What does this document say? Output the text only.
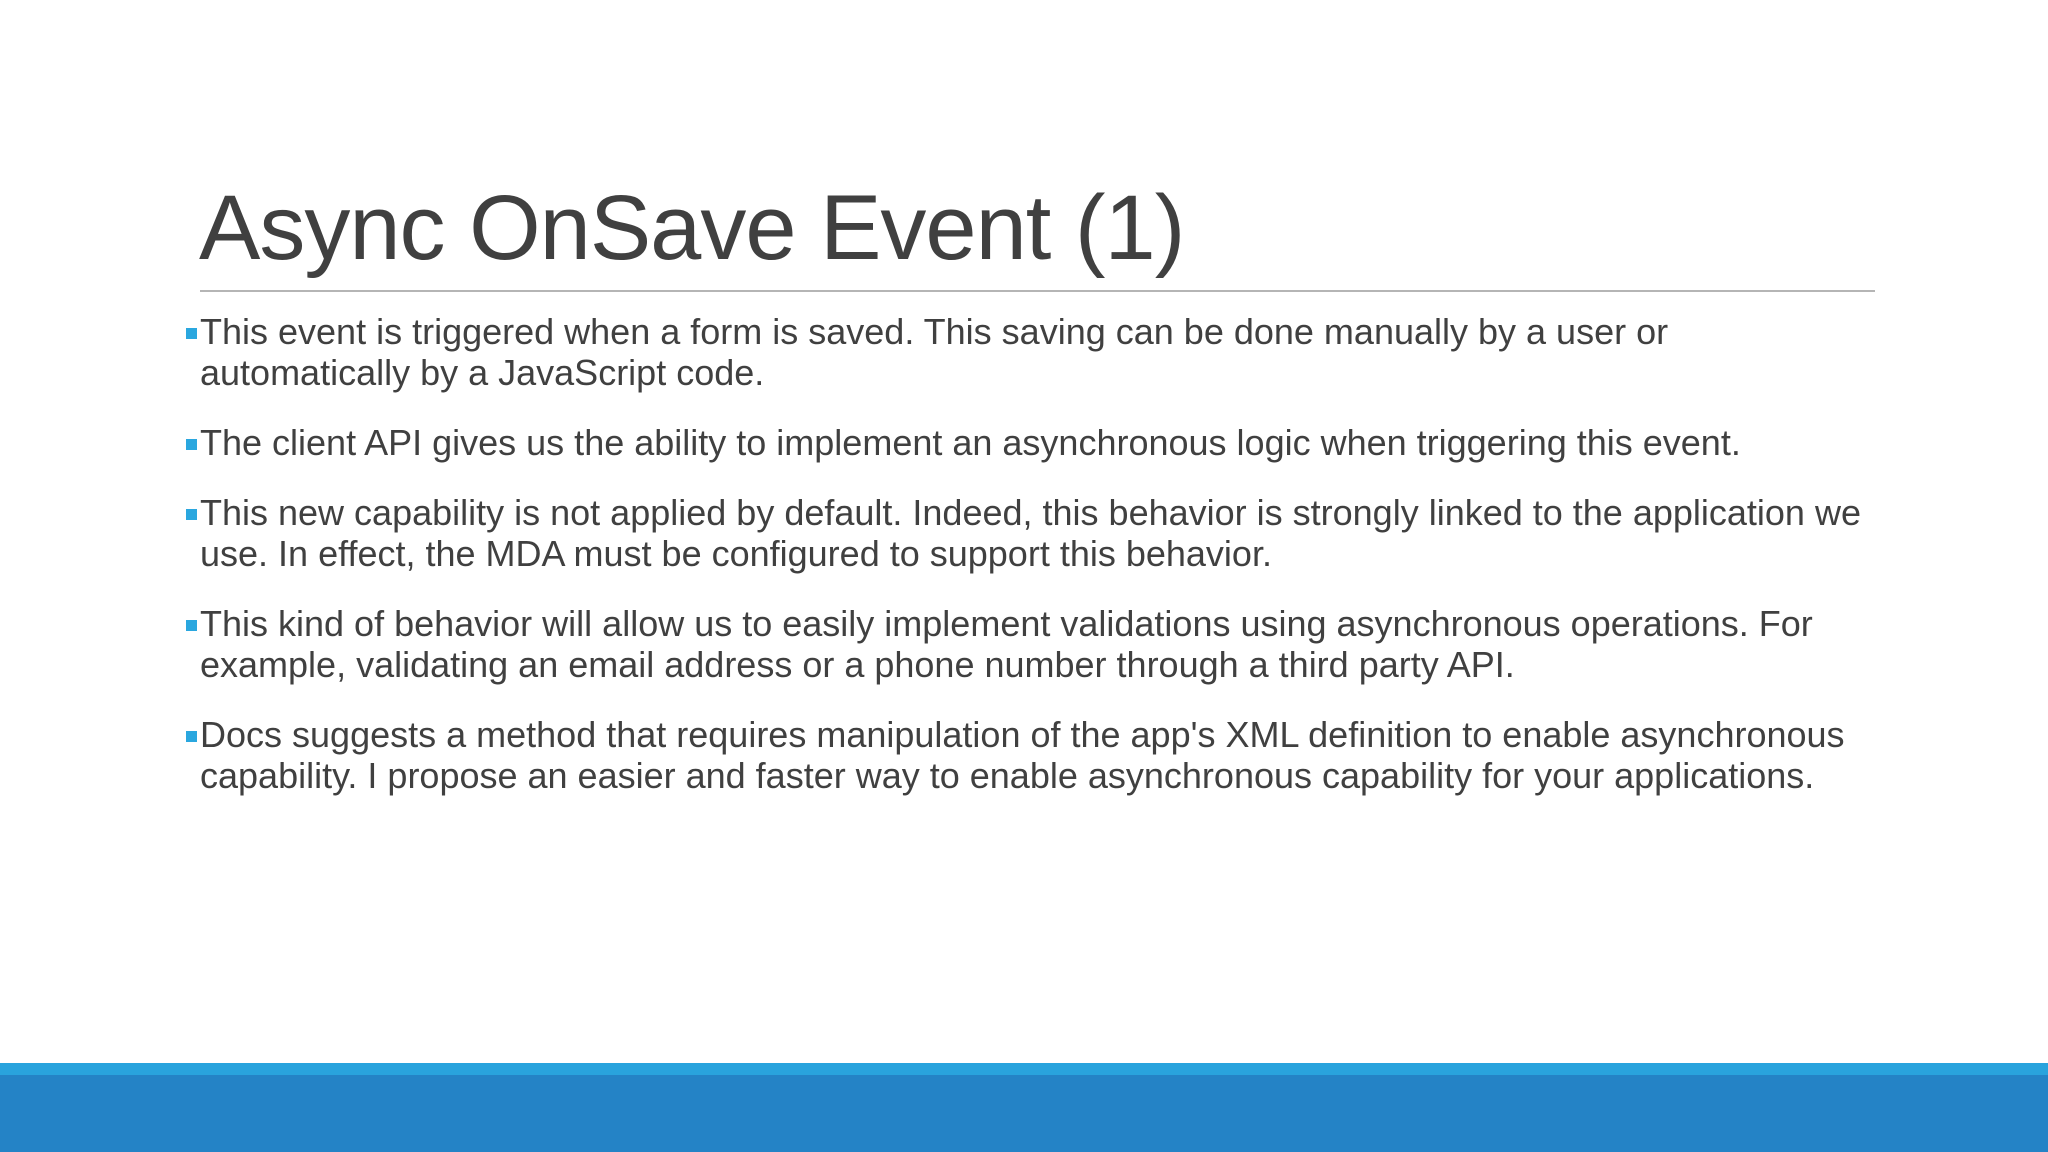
Async OnSave Event (1)
This event is triggered when a form is saved. This saving can be done manually by a user or automatically by a JavaScript code.
The client API gives us the ability to implement an asynchronous logic when triggering this event.
This new capability is not applied by default. Indeed, this behavior is strongly linked to the application we use. In effect, the MDA must be configured to support this behavior.
This kind of behavior will allow us to easily implement validations using asynchronous operations. For example, validating an email address or a phone number through a third party API.
Docs suggests a method that requires manipulation of the app's XML definition to enable asynchronous capability. I propose an easier and faster way to enable asynchronous capability for your applications.
